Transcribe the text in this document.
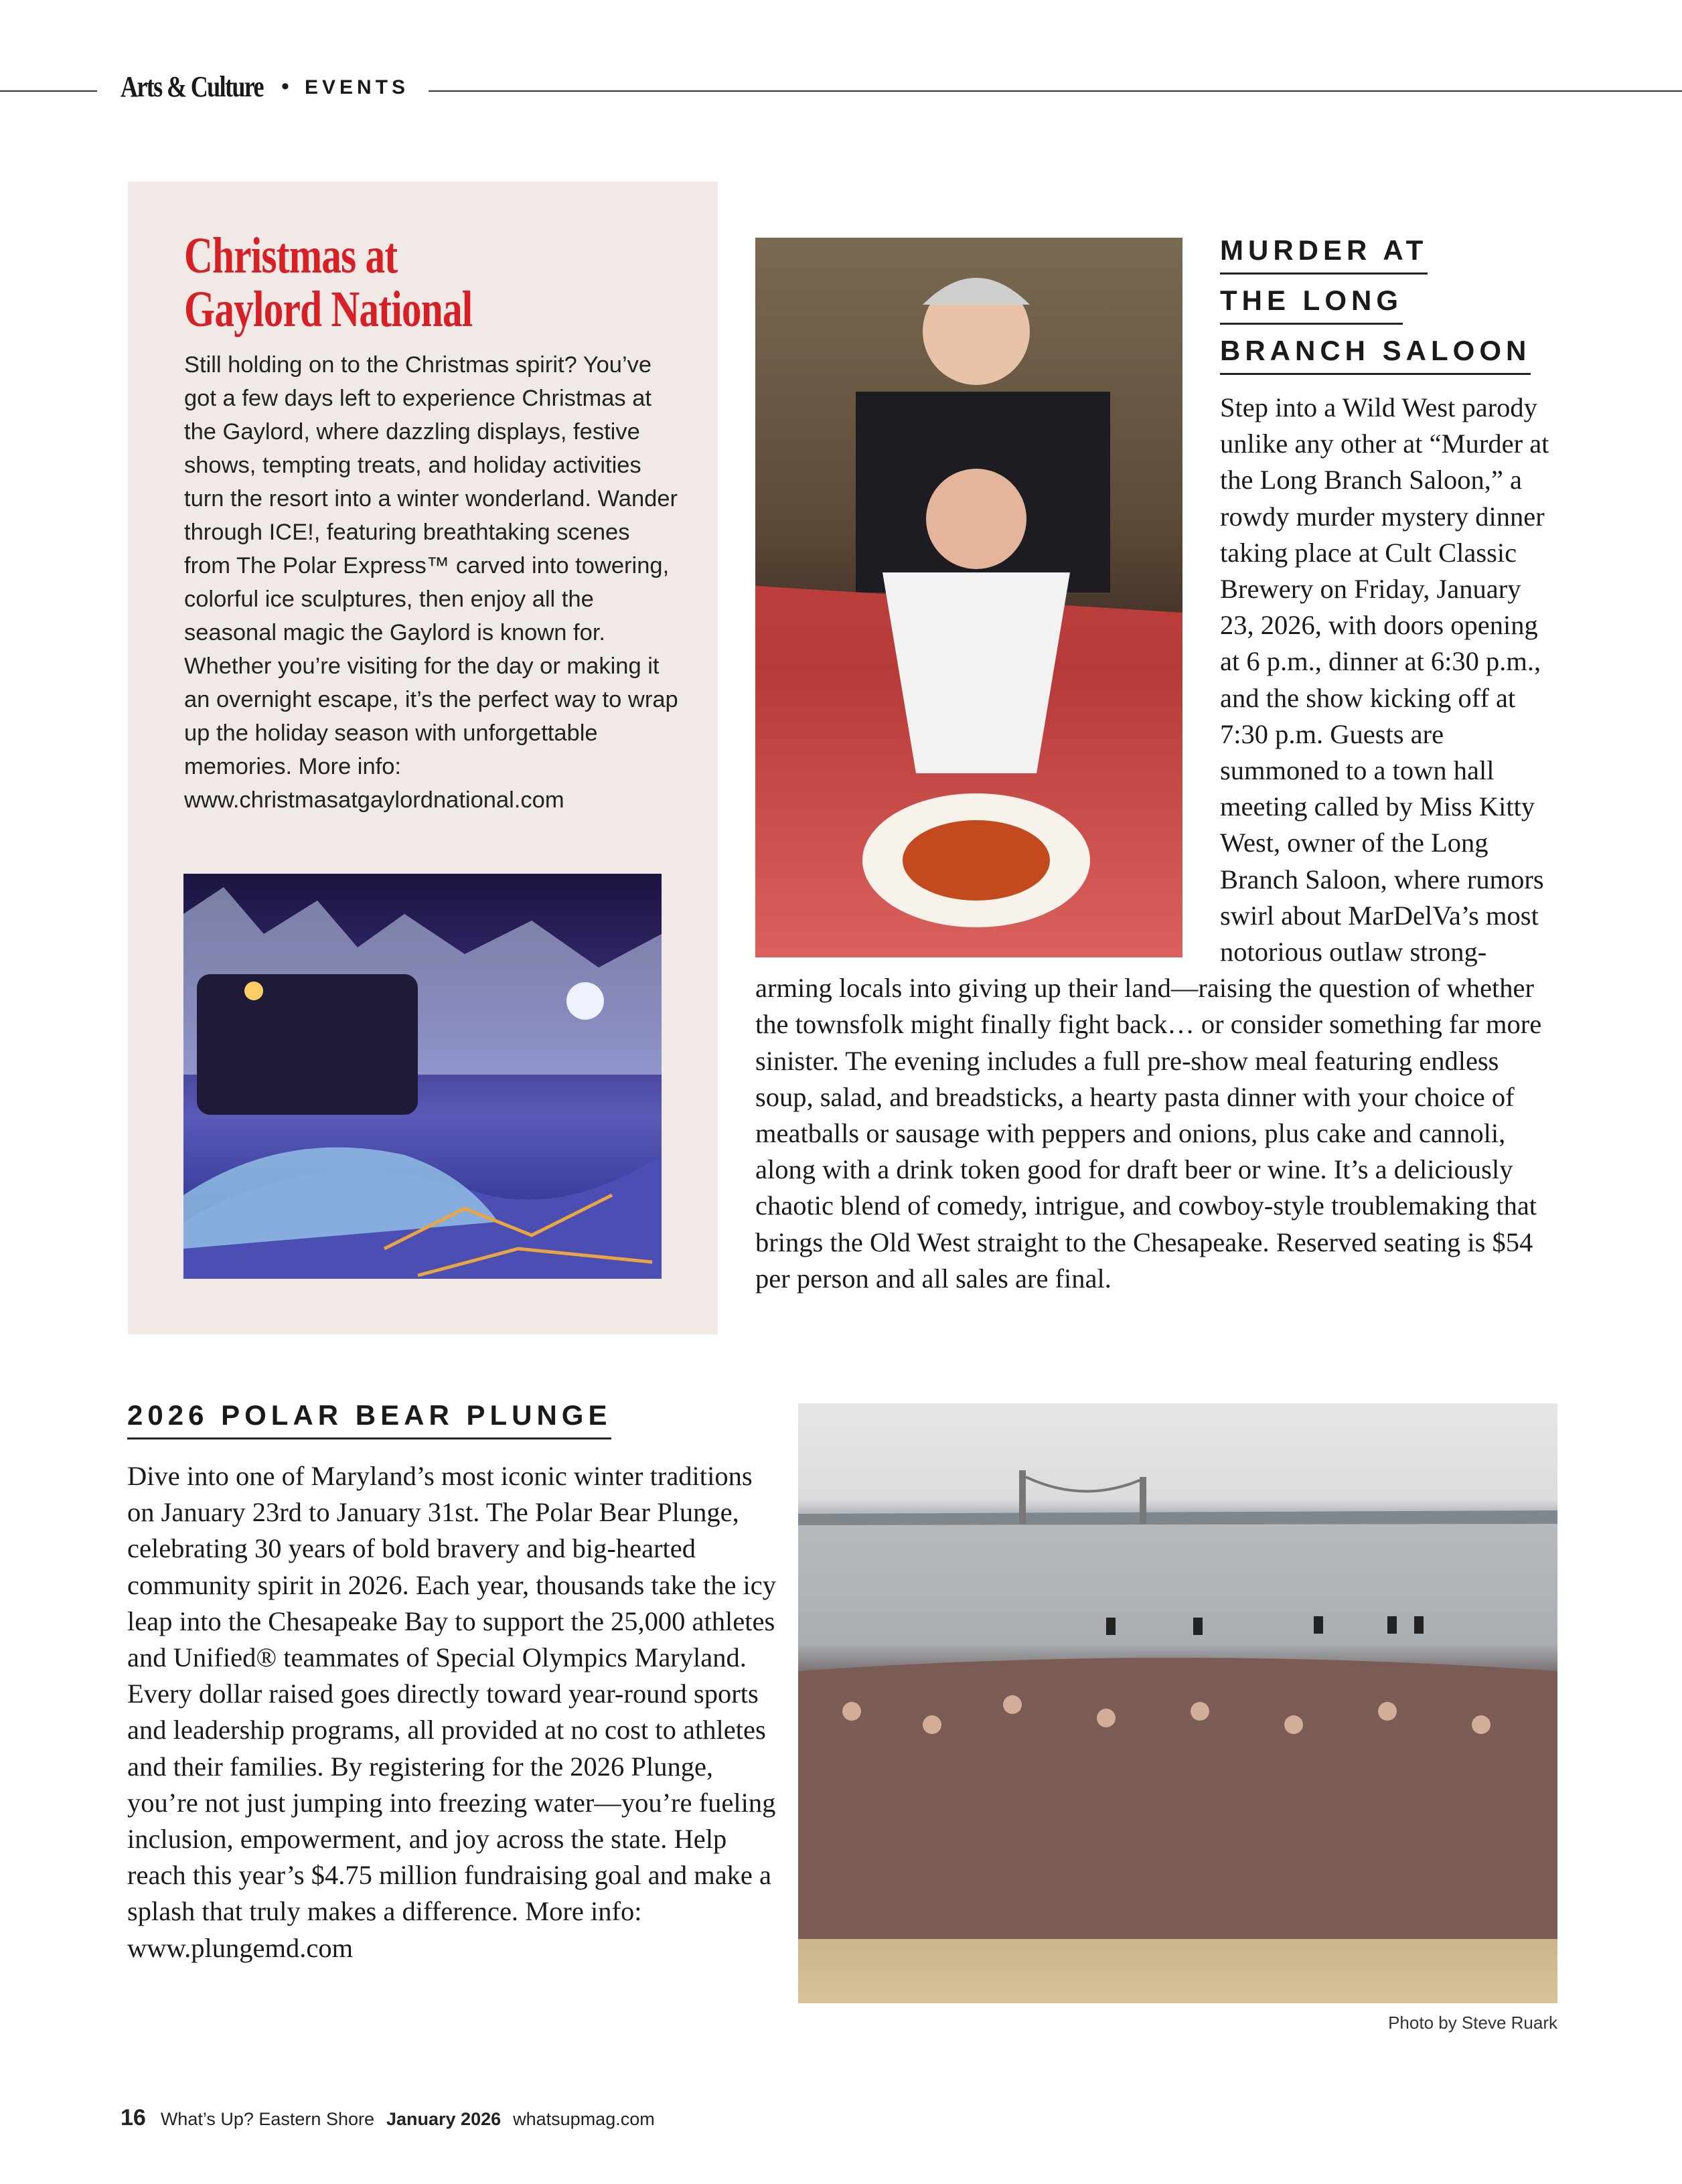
Arts & Culture • EVENTS
Christmas at
Gaylord National
Still holding on to the Christmas spirit? You’ve got a few days left to experience Christmas at the Gaylord, where dazzling displays, festive shows, tempting treats, and holiday activities turn the resort into a winter wonderland. Wander through ICE!, featuring breathtaking scenes from The Polar Express™ carved into towering, colorful ice sculptures, then enjoy all the seasonal magic the Gaylord is known for. Whether you’re visiting for the day or making it an overnight escape, it’s the perfect way to wrap up the holiday season with unforgettable memories. More info: www.christmasatgaylordnational.com
MURDER AT
THE LONG
BRANCH SALOON
Step into a Wild West parody unlike any other at “Murder at the Long Branch Saloon,” a rowdy murder mystery dinner taking place at Cult Classic Brewery on Friday, January 23, 2026, with doors opening at 6 p.m., dinner at 6:30 p.m., and the show kicking off at 7:30 p.m. Guests are summoned to a town hall meeting called by Miss Kitty West, owner of the Long Branch Saloon, where rumors swirl about MarDelVa’s most notorious outlaw strong-arming locals into giving up their land—raising the question of whether the townsfolk might finally fight back… or consider something far more sinister. The evening includes a full pre-show meal featuring endless soup, salad, and breadsticks, a hearty pasta dinner with your choice of meatballs or sausage with peppers and onions, plus cake and cannoli, along with a drink token good for draft beer or wine. It’s a deliciously chaotic blend of comedy, intrigue, and cowboy-style troublemaking that brings the Old West straight to the Chesapeake. Reserved seating is $54 per person and all sales are final.
2026 POLAR BEAR PLUNGE
Dive into one of Maryland’s most iconic winter traditions on January 23rd to January 31st. The Polar Bear Plunge, celebrating 30 years of bold bravery and big-hearted community spirit in 2026. Each year, thousands take the icy leap into the Chesapeake Bay to support the 25,000 athletes and Unified® teammates of Special Olympics Maryland. Every dollar raised goes directly toward year-round sports and leadership programs, all provided at no cost to athletes and their families. By registering for the 2026 Plunge, you’re not just jumping into freezing water—you’re fueling inclusion, empowerment, and joy across the state. Help reach this year’s $4.75 million fundraising goal and make a splash that truly makes a difference. More info: www.plungemd.com
Photo by Steve Ruark
16 What’s Up? Eastern Shore January 2026 whatsupmag.com
